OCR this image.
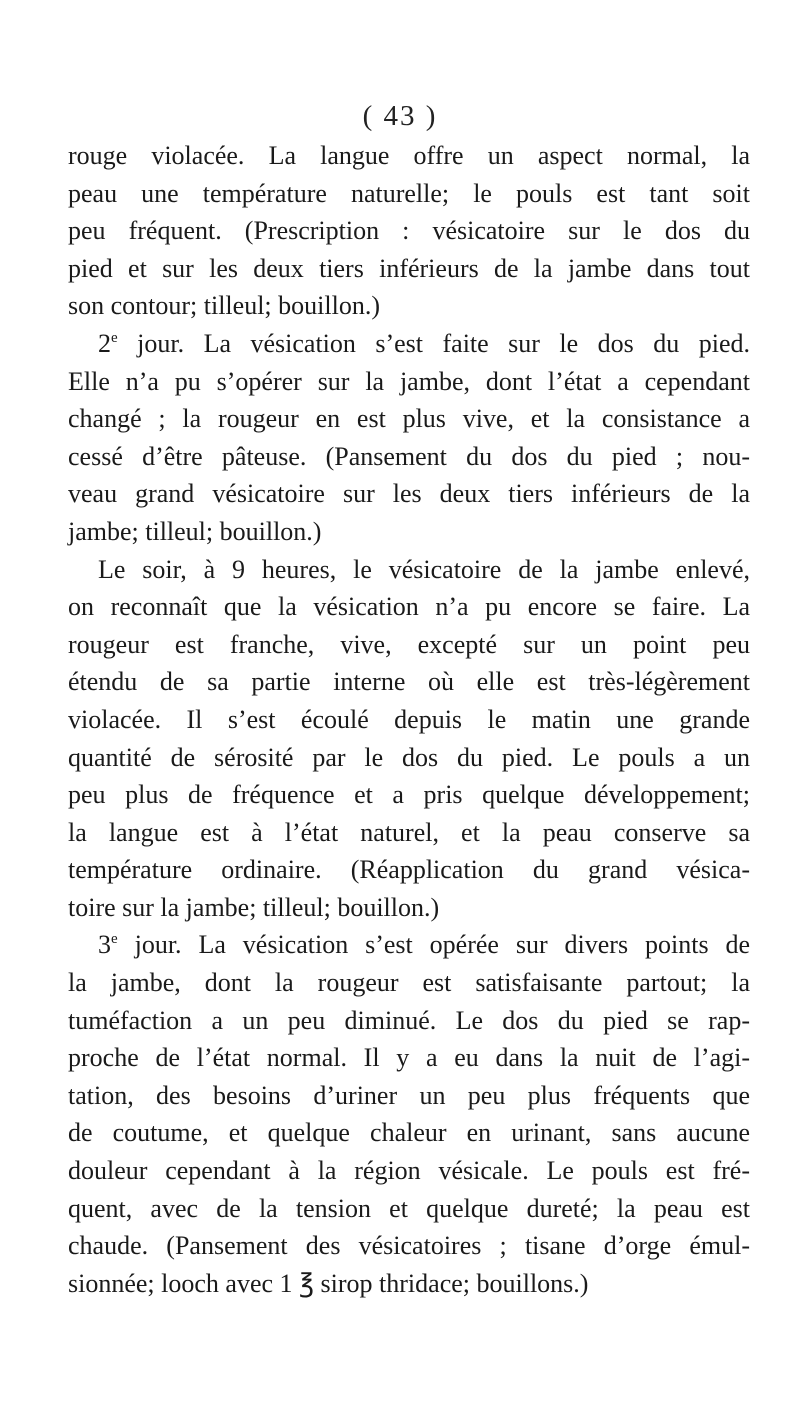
( 43 )
rouge violacée. La langue offre un aspect normal, la
peau une température naturelle; le pouls est tant soit
peu fréquent. (Prescription : vésicatoire sur le dos du
pied et sur les deux tiers inférieurs de la jambe dans tout
son contour; tilleul; bouillon.)
2e jour. La vésication s’est faite sur le dos du pied.
Elle n’a pu s’opérer sur la jambe, dont l’état a cependant
changé ; la rougeur en est plus vive, et la consistance a
cessé d’être pâteuse. (Pansement du dos du pied ; nou-
veau grand vésicatoire sur les deux tiers inférieurs de la
jambe; tilleul; bouillon.)
Le soir, à 9 heures, le vésicatoire de la jambe enlevé,
on reconnaît que la vésication n’a pu encore se faire. La
rougeur est franche, vive, excepté sur un point peu
étendu de sa partie interne où elle est très-légèrement
violacée. Il s’est écoulé depuis le matin une grande
quantité de sérosité par le dos du pied. Le pouls a un
peu plus de fréquence et a pris quelque développement;
la langue est à l’état naturel, et la peau conserve sa
température ordinaire. (Réapplication du grand vésica-
toire sur la jambe; tilleul; bouillon.)
3e jour. La vésication s’est opérée sur divers points de
la jambe, dont la rougeur est satisfaisante partout; la
tuméfaction a un peu diminué. Le dos du pied se rap-
proche de l’état normal. Il y a eu dans la nuit de l’agi-
tation, des besoins d’uriner un peu plus fréquents que
de coutume, et quelque chaleur en urinant, sans aucune
douleur cependant à la région vésicale. Le pouls est fré-
quent, avec de la tension et quelque dureté; la peau est
chaude. (Pansement des vésicatoires ; tisane d’orge émul-
sionnée; looch avec 1 ℥ sirop thridace; bouillons.)
